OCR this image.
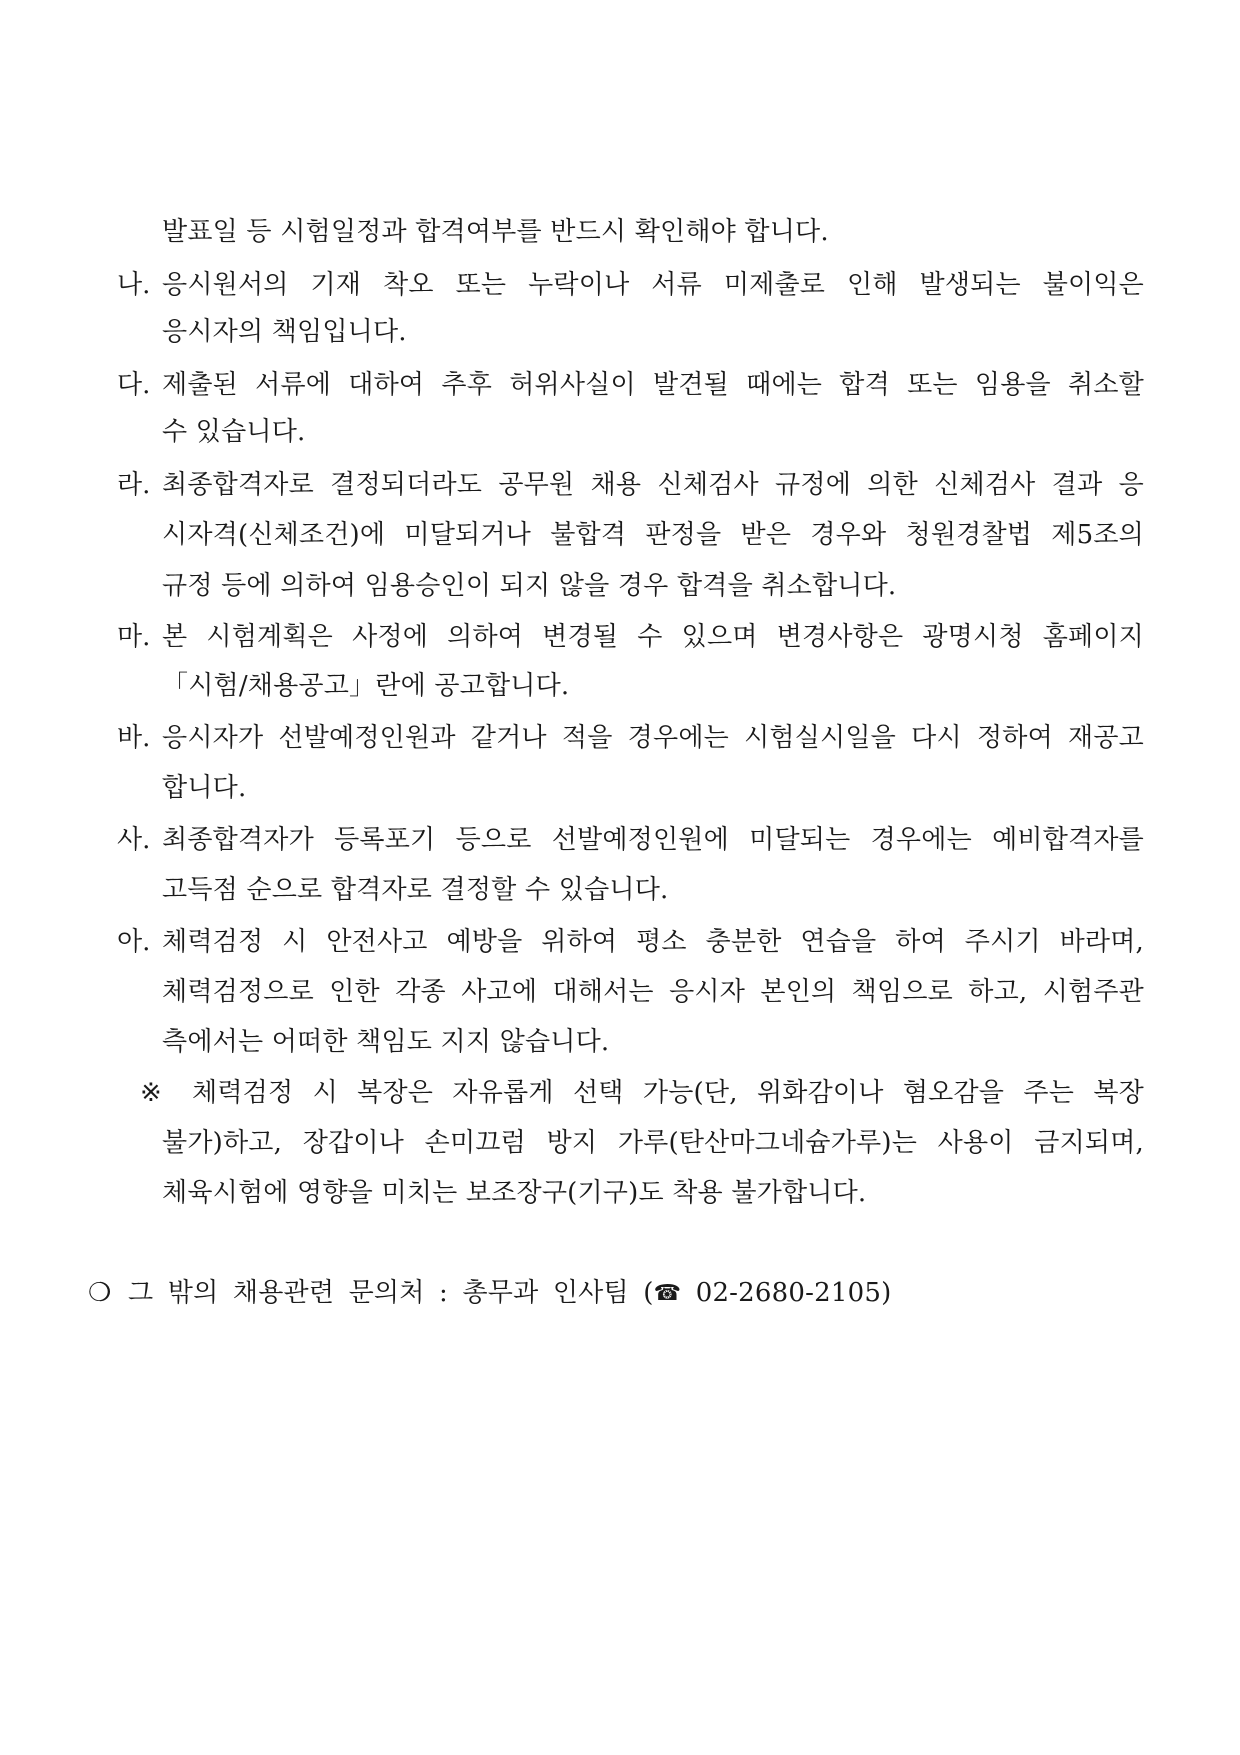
발표일 등 시험일정과 합격여부를 반드시 확인해야 합니다.
나. 응시원서의 기재 착오 또는 누락이나 서류 미제출로 인해 발생되는 불이익은
응시자의 책임입니다.
다. 제출된 서류에 대하여 추후 허위사실이 발견될 때에는 합격 또는 임용을 취소할
수 있습니다.
라. 최종합격자로 결정되더라도 공무원 채용 신체검사 규정에 의한 신체검사 결과 응
시자격(신체조건)에 미달되거나 불합격 판정을 받은 경우와 청원경찰법 제5조의
규정 등에 의하여 임용승인이 되지 않을 경우 합격을 취소합니다.
마. 본 시험계획은 사정에 의하여 변경될 수 있으며 변경사항은 광명시청 홈페이지
「시험/채용공고」란에 공고합니다.
바. 응시자가 선발예정인원과 같거나 적을 경우에는 시험실시일을 다시 정하여 재공고
합니다.
사. 최종합격자가 등록포기 등으로 선발예정인원에 미달되는 경우에는 예비합격자를
고득점 순으로 합격자로 결정할 수 있습니다.
아. 체력검정 시 안전사고 예방을 위하여 평소 충분한 연습을 하여 주시기 바라며,
체력검정으로 인한 각종 사고에 대해서는 응시자 본인의 책임으로 하고, 시험주관
측에서는 어떠한 책임도 지지 않습니다.
※	체력검정 시 복장은 자유롭게 선택 가능(단, 위화감이나 혐오감을 주는 복장
불가)하고, 장갑이나 손미끄럼 방지 가루(탄산마그네슘가루)는 사용이 금지되며,
체육시험에 영향을 미치는 보조장구(기구)도 착용 불가합니다.
❍ 그 밖의 채용관련 문의처 : 총무과 인사팀 (☎ 02-2680-2105)
